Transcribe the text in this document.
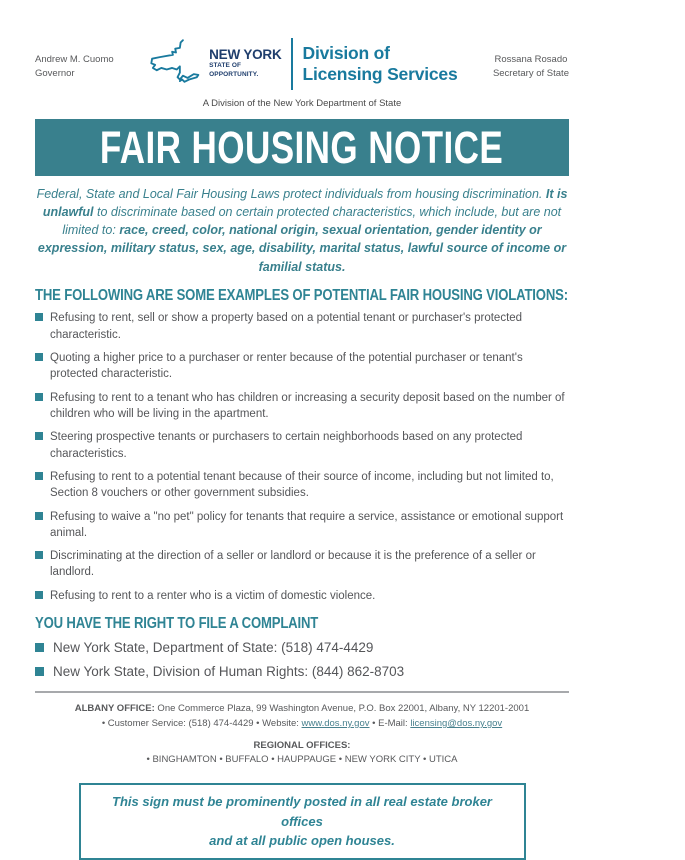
Andrew M. Cuomo
Governor
NEW YORK
STATE OF
OPPORTUNITY.
Division of
Licensing Services
Rossana Rosado
Secretary of State
A Division of the New York Department of State
FAIR HOUSING NOTICE

Federal, State and Local Fair Housing Laws protect individuals from housing discrimination. It is unlawful to discriminate based on certain protected characteristics, which include, but are not limited to: race, creed, color, national origin, sexual orientation, gender identity or expression, military status, sex, age, disability, marital status, lawful source of income or familial status.

THE FOLLOWING ARE SOME EXAMPLES OF POTENTIAL FAIR HOUSING VIOLATIONS:
Refusing to rent, sell or show a property based on a potential tenant or purchaser's protected characteristic.
Quoting a higher price to a purchaser or renter because of the potential purchaser or tenant's protected characteristic.
Refusing to rent to a tenant who has children or increasing a security deposit based on the number of children who will be living in the apartment.
Steering prospective tenants or purchasers to certain neighborhoods based on any protected characteristics.
Refusing to rent to a potential tenant because of their source of income, including but not limited to, Section 8 vouchers or other government subsidies.
Refusing to waive a "no pet" policy for tenants that require a service, assistance or emotional support animal.
Discriminating at the direction of a seller or landlord or because it is the preference of a seller or landlord.
Refusing to rent to a renter who is a victim of domestic violence.
YOU HAVE THE RIGHT TO FILE A COMPLAINT
New York State, Department of State: (518) 474-4429
New York State, Division of Human Rights: (844) 862-8703
ALBANY OFFICE: One Commerce Plaza, 99 Washington Avenue, P.O. Box 22001, Albany, NY 12201-2001
• Customer Service: (518) 474-4429 • Website: www.dos.ny.gov • E-Mail: licensing@dos.ny.gov
REGIONAL OFFICES:
• BINGHAMTON • BUFFALO • HAUPPAUGE • NEW YORK CITY • UTICA
This sign must be prominently posted in all real estate broker offices
and at all public open houses.
